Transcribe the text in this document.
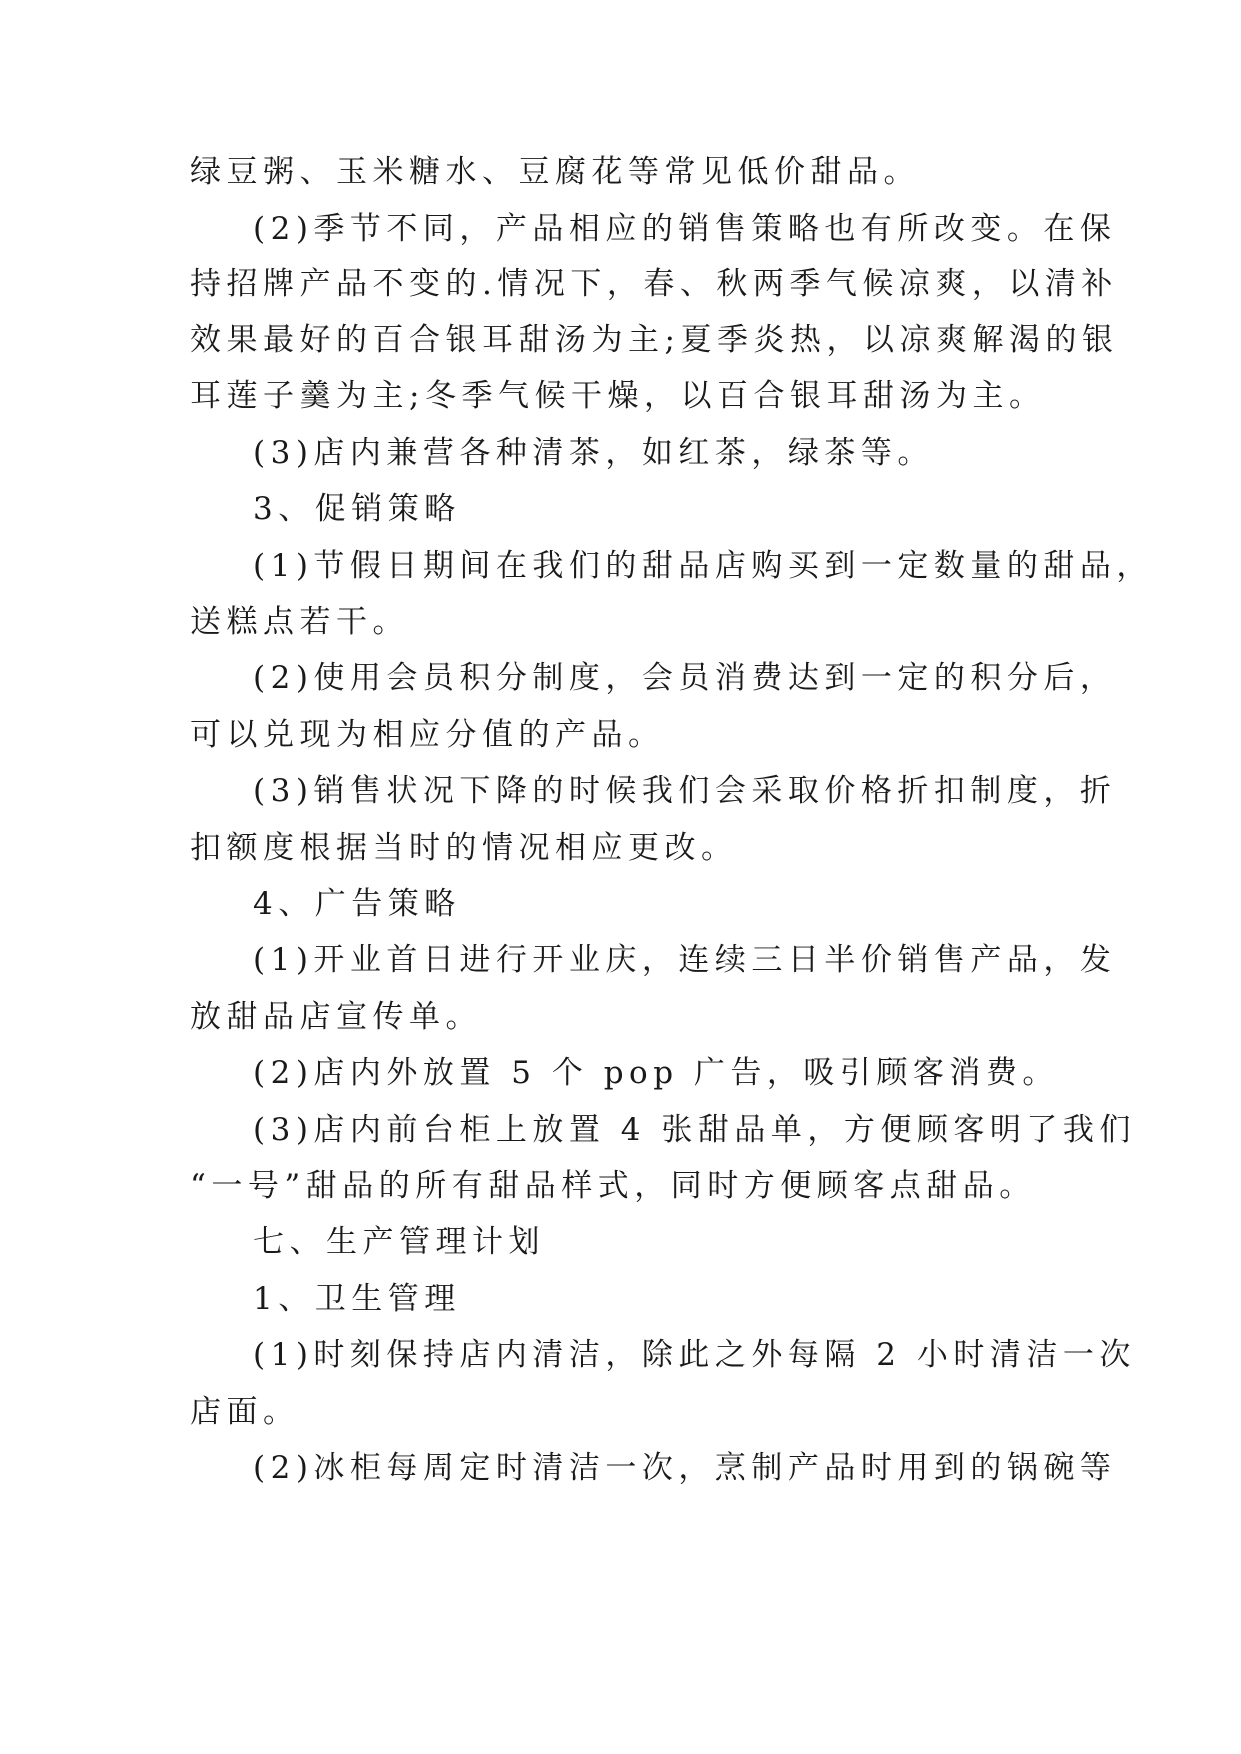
绿豆粥、玉米糖水、豆腐花等常见低价甜品。
(2)季节不同，产品相应的销售策略也有所改变。在保
持招牌产品不变的.情况下，春、秋两季气候凉爽，以清补
效果最好的百合银耳甜汤为主;夏季炎热，以凉爽解渴的银
耳莲子羹为主;冬季气候干燥，以百合银耳甜汤为主。
(3)店内兼营各种清茶，如红茶，绿茶等。
3、促销策略
(1)节假日期间在我们的甜品店购买到一定数量的甜品，
送糕点若干。
(2)使用会员积分制度，会员消费达到一定的积分后，
可以兑现为相应分值的产品。
(3)销售状况下降的时候我们会采取价格折扣制度，折
扣额度根据当时的情况相应更改。
4、广告策略
(1)开业首日进行开业庆，连续三日半价销售产品，发
放甜品店宣传单。
(2)店内外放置 5 个 pop 广告，吸引顾客消费。
(3)店内前台柜上放置 4 张甜品单，方便顾客明了我们
“一号”甜品的所有甜品样式，同时方便顾客点甜品。
七、生产管理计划
1、卫生管理
(1)时刻保持店内清洁，除此之外每隔 2 小时清洁一次
店面。
(2)冰柜每周定时清洁一次，烹制产品时用到的锅碗等
